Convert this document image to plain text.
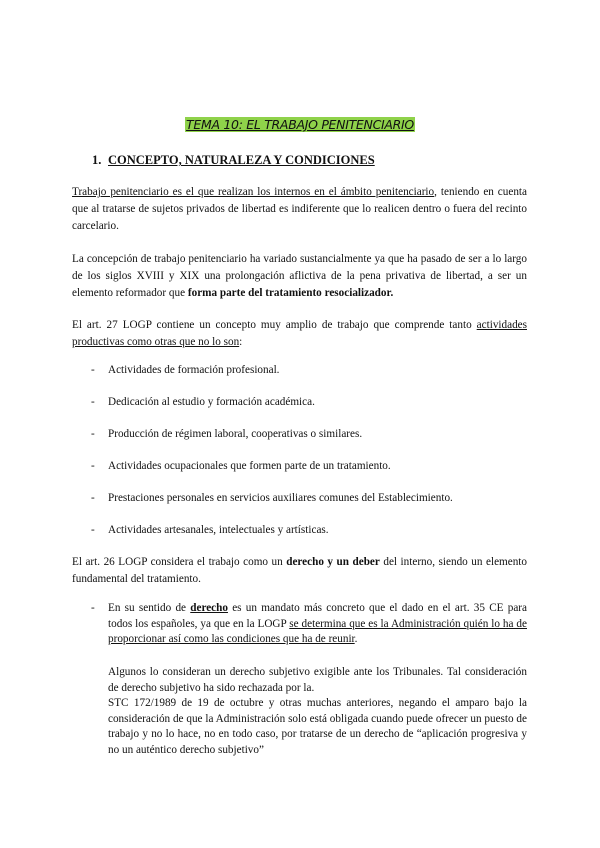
TEMA 10: EL TRABAJO PENITENCIARIO
1. CONCEPTO, NATURALEZA Y CONDICIONES
Trabajo penitenciario es el que realizan los internos en el ámbito penitenciario, teniendo en cuenta que al tratarse de sujetos privados de libertad es indiferente que lo realicen dentro o fuera del recinto carcelario.
La concepción de trabajo penitenciario ha variado sustancialmente ya que ha pasado de ser a lo largo de los siglos XVIII y XIX una prolongación aflictiva de la pena privativa de libertad, a ser un elemento reformador que forma parte del tratamiento resocializador.
El art. 27 LOGP contiene un concepto muy amplio de trabajo que comprende tanto actividades productivas como otras que no lo son:
- Actividades de formación profesional.
- Dedicación al estudio y formación académica.
- Producción de régimen laboral, cooperativas o similares.
- Actividades ocupacionales que formen parte de un tratamiento.
- Prestaciones personales en servicios auxiliares comunes del Establecimiento.
- Actividades artesanales, intelectuales y artísticas.
El art. 26 LOGP considera el trabajo como un derecho y un deber del interno, siendo un elemento fundamental del tratamiento.
- En su sentido de derecho es un mandato más concreto que el dado en el art. 35 CE para todos los españoles, ya que en la LOGP se determina que es la Administración quién lo ha de proporcionar así como las condiciones que ha de reunir.
Algunos lo consideran un derecho subjetivo exigible ante los Tribunales. Tal consideración de derecho subjetivo ha sido rechazada por la.
STC 172/1989 de 19 de octubre y otras muchas anteriores, negando el amparo bajo la consideración de que la Administración solo está obligada cuando puede ofrecer un puesto de trabajo y no lo hace, no en todo caso, por tratarse de un derecho de “aplicación progresiva y no un auténtico derecho subjetivo”
